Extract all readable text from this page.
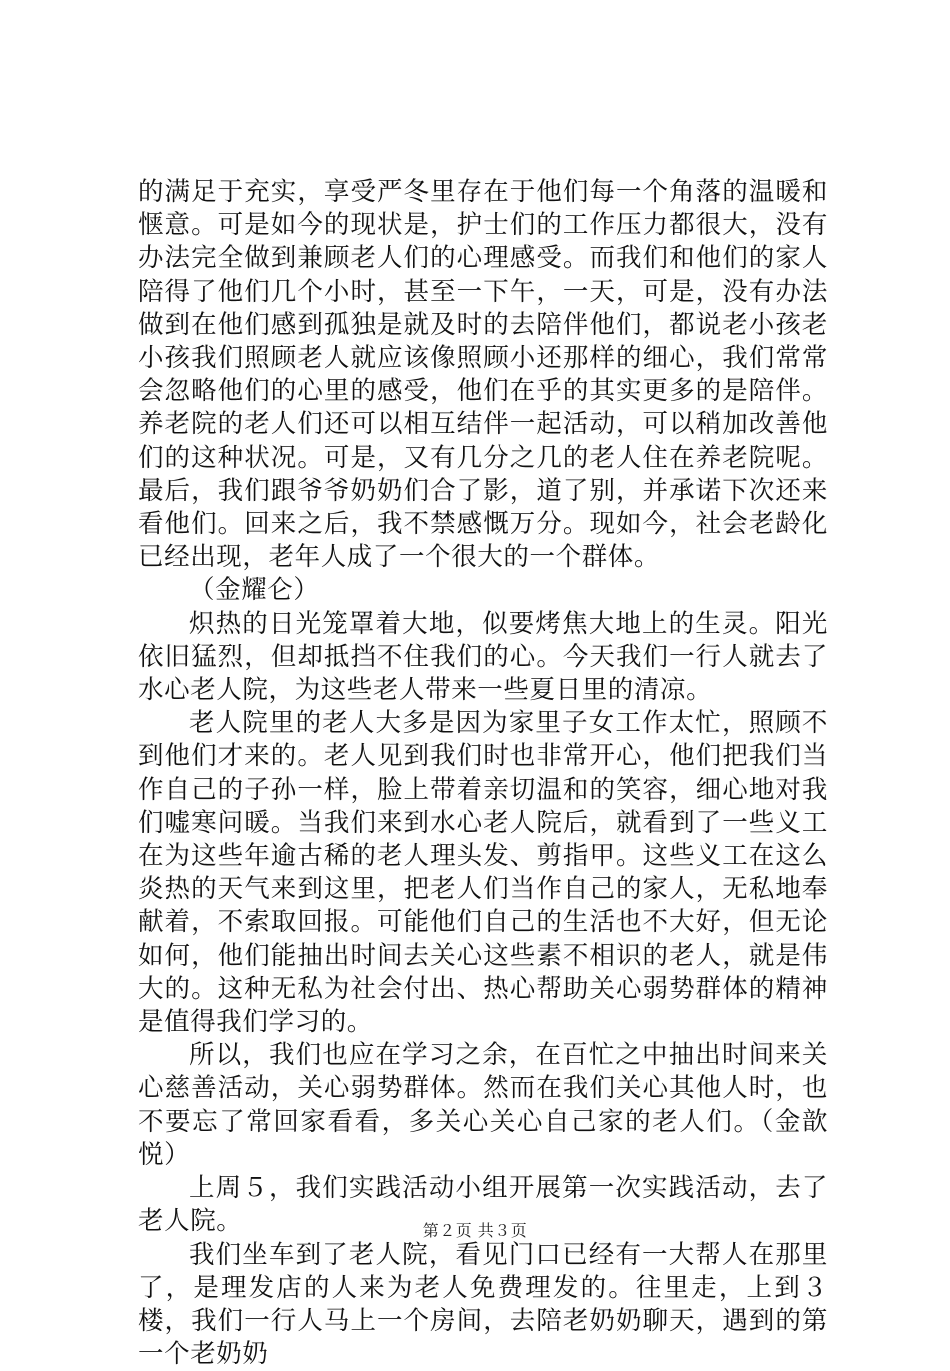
的满足于充实，享受严冬里存在于他们每一个角落的温暖和惬意。可是如今的现状是，护士们的工作压力都很大，没有办法完全做到兼顾老人们的心理感受。而我们和他们的家人陪得了他们几个小时，甚至一下午，一天，可是，没有办法做到在他们感到孤独是就及时的去陪伴他们，都说老小孩老小孩我们照顾老人就应该像照顾小还那样的细心，我们常常会忽略他们的心里的感受，他们在乎的其实更多的是陪伴。养老院的老人们还可以相互结伴一起活动，可以稍加改善他们的这种状况。可是，又有几分之几的老人住在养老院呢。最后，我们跟爷爷奶奶们合了影，道了别，并承诺下次还来看他们。回来之后，我不禁感慨万分。现如今，社会老龄化已经出现，老年人成了一个很大的一个群体。

（金耀仑）

炽热的日光笼罩着大地，似要烤焦大地上的生灵。阳光依旧猛烈，但却抵挡不住我们的心。今天我们一行人就去了水心老人院，为这些老人带来一些夏日里的清凉。

老人院里的老人大多是因为家里子女工作太忙，照顾不到他们才来的。老人见到我们时也非常开心，他们把我们当作自己的子孙一样，脸上带着亲切温和的笑容，细心地对我们嘘寒问暖。当我们来到水心老人院后，就看到了一些义工在为这些年逾古稀的老人理头发、剪指甲。这些义工在这么炎热的天气来到这里，把老人们当作自己的家人，无私地奉献着，不索取回报。可能他们自己的生活也不大好，但无论如何，他们能抽出时间去关心这些素不相识的老人，就是伟大的。这种无私为社会付出、热心帮助关心弱势群体的精神是值得我们学习的。

所以，我们也应在学习之余，在百忙之中抽出时间来关心慈善活动，关心弱势群体。然而在我们关心其他人时，也不要忘了常回家看看，多关心关心自己家的老人们。（金歆悦）

上周５，我们实践活动小组开展第一次实践活动，去了老人院。

我们坐车到了老人院，看见门口已经有一大帮人在那里了，是理发店的人来为老人免费理发的。往里走，上到３楼，我们一行人马上一个房间，去陪老奶奶聊天，遇到的第一个老奶奶

第２页 共３页
